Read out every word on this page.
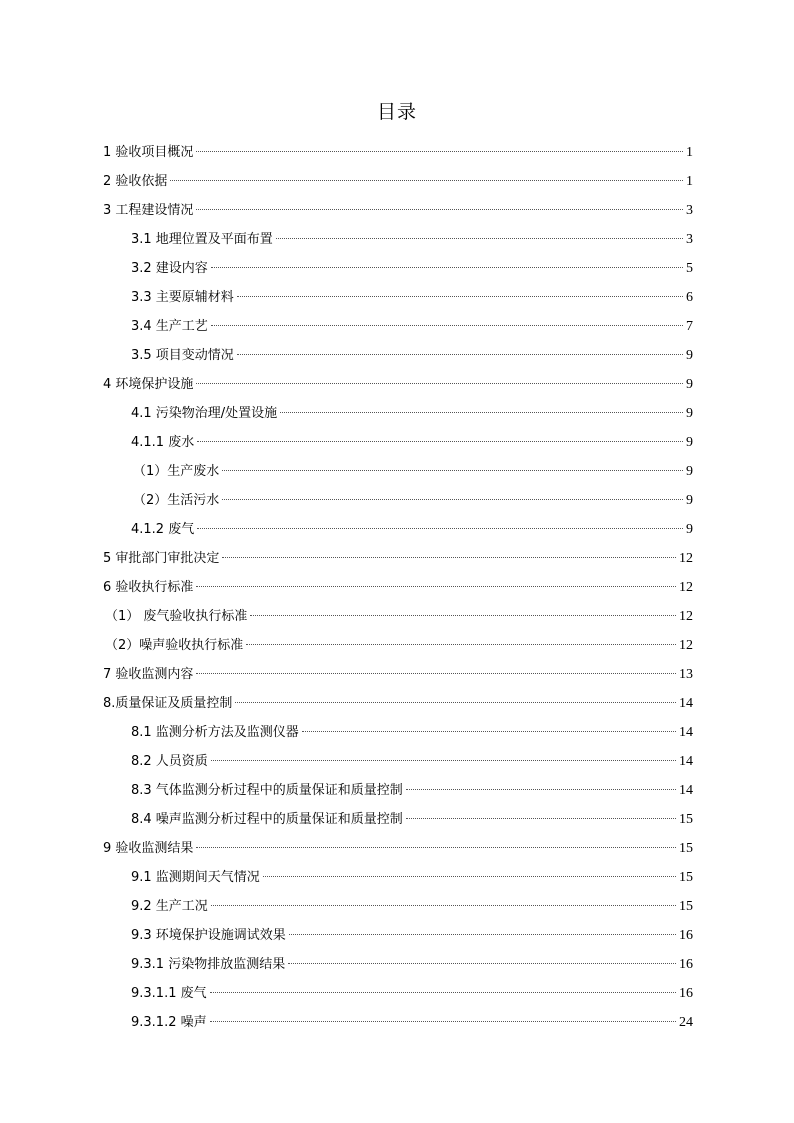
目录
1 验收项目概况	1
2 验收依据	1
3 工程建设情况	3
3.1 地理位置及平面布置	3
3.2 建设内容	5
3.3 主要原辅材料	6
3.4 生产工艺	7
3.5 项目变动情况	9
4 环境保护设施	9
4.1 污染物治理/处置设施	9
4.1.1 废水	9
（1）生产废水	9
（2）生活污水	9
4.1.2 废气	9
5 审批部门审批决定	12
6 验收执行标准	12
（1） 废气验收执行标准	12
（2）噪声验收执行标准	12
7 验收监测内容	13
8.质量保证及质量控制	14
8.1 监测分析方法及监测仪器	14
8.2 人员资质	14
8.3 气体监测分析过程中的质量保证和质量控制	14
8.4 噪声监测分析过程中的质量保证和质量控制	15
9 验收监测结果	15
9.1 监测期间天气情况	15
9.2 生产工况	15
9.3 环境保护设施调试效果	16
9.3.1 污染物排放监测结果	16
9.3.1.1 废气	16
9.3.1.2 噪声	24
